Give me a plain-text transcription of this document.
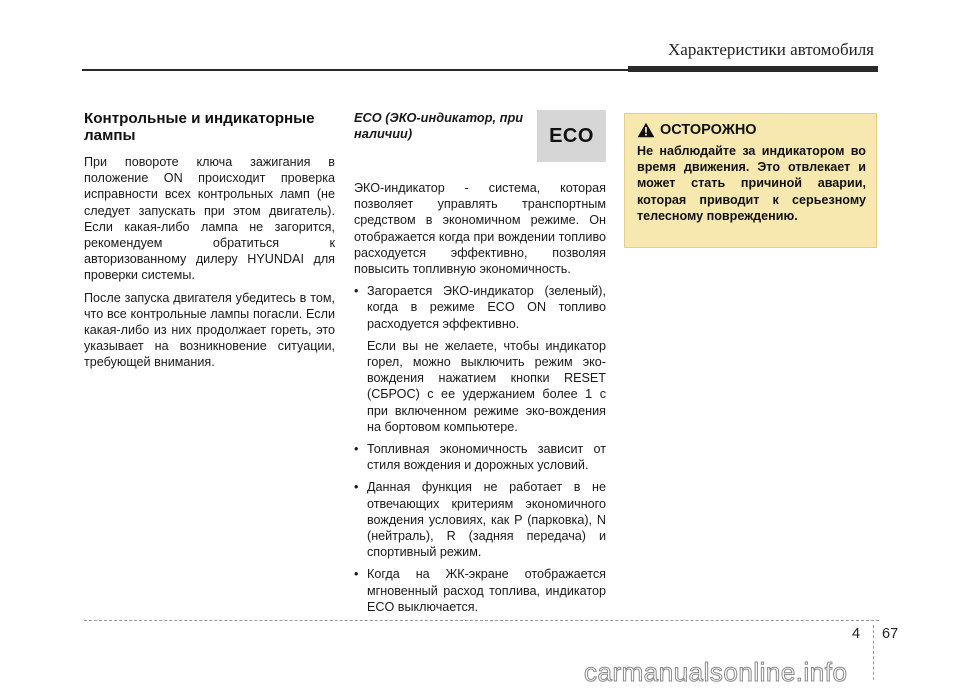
Характеристики автомобиля
Контрольные и индикаторные лампы

При повороте ключа зажигания в положение ON происходит проверка исправности всех контрольных ламп (не следует запускать при этом двигатель). Если какая-либо лампа не загорится, рекомендуем обратиться к авторизованному дилеру HYUNDAI для проверки системы.

После запуска двигателя убедитесь в том, что все контрольные лампы погасли. Если какая-либо из них продолжает гореть, это указывает на возникновение ситуации, требующей внимания.

ECO (ЭКО-индикатор, при наличии)

ЭКО-индикатор - система, которая позволяет управлять транспортным средством в экономичном режиме. Он отображается когда при вождении топливо расходуется эффективно, позволяя повысить топливную экономичность.

• Загорается ЭКО-индикатор (зеленый), когда в режиме ECO ON топливо расходуется эффективно.

Если вы не желаете, чтобы индикатор горел, можно выключить режим эко-вождения нажатием кнопки RESET (СБРОС) с ее удержанием более 1 с при включенном режиме эко-вождения на бортовом компьютере.

• Топливная экономичность зависит от стиля вождения и дорожных условий.

• Данная функция не работает в не отвечающих критериям экономичного вождения условиях, как P (парковка), N (нейтраль), R (задняя передача) и спортивный режим.

• Когда на ЖК-экране отображается мгновенный расход топлива, индикатор ECO выключается.

ECO	ОСТОРОЖНО

Не наблюдайте за индикатором во время движения. Это отвлекает и может стать причиной аварии, которая приводит к серьезному телесному повреждению.

4 67
carmanualsonline.info
